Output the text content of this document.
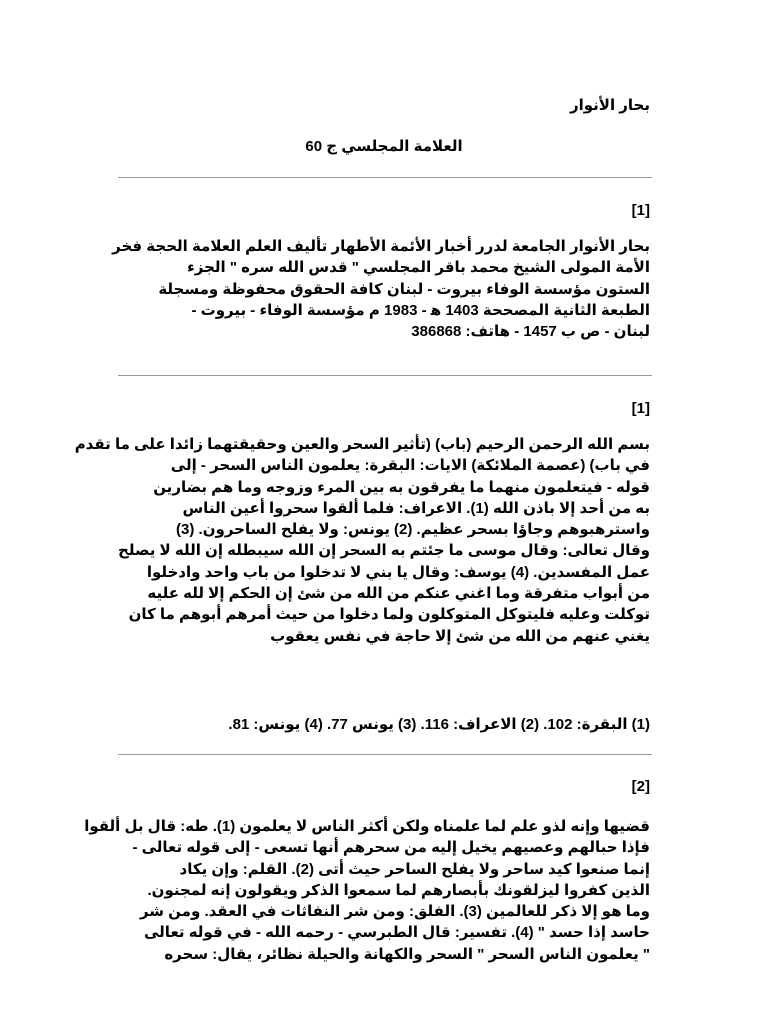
بحار الأنوار
العلامة المجلسي ج 60
[1]
بحار الأنوار الجامعة لدرر أخبار الأئمة الأطهار تأليف العلم العلامة الحجة فخر
الأمة المولى الشيخ محمد باقر المجلسي " قدس الله سره " الجزء
الستون مؤسسة الوفاء بيروت - لبنان كافة الحقوق محفوظة ومسجلة
الطبعة الثانية المصححة 1403 ه‍ - 1983 م مؤسسة الوفاء - بيروت -
لبنان - ص ب 1457 - هاتف: 386868
[1]
بسم الله الرحمن الرحيم (باب) (تأثير السحر والعين وحقيقتهما زائدا على ما تقدم
في باب) (عصمة الملائكة) الايات: البقرة: يعلمون الناس السحر - إلى
قوله - فيتعلمون منهما ما يفرقون به بين المرء وزوجه وما هم بضارين
به من أحد إلا باذن الله (1). الاعراف: فلما ألقوا سحروا أعين الناس
واسترهبوهم وجاؤا بسحر عظيم. (2) يونس: ولا يفلح الساحرون. (3)
وقال تعالى: وقال موسى ما جئتم به السحر إن الله سيبطله إن الله لا يصلح
عمل المفسدين. (4) يوسف: وقال يا بني لا تدخلوا من باب واحد وادخلوا
من أبواب متفرقة وما اغني عنكم من الله من شئ إن الحكم إلا لله عليه
توكلت وعليه فليتوكل المتوكلون ولما دخلوا من حيث أمرهم أبوهم ما كان
يغني عنهم من الله من شئ إلا حاجة في نفس يعقوب
(1) البقرة: 102. (2) الاعراف: 116. (3) يونس 77. (4) يونس: 81.
[2]
قضيها وإنه لذو علم لما علمناه ولكن أكثر الناس لا يعلمون (1). طه: قال بل ألقوا
فإذا حبالهم وعصيهم يخيل إليه من سحرهم أنها تسعى - إلى قوله تعالى -
إنما صنعوا كيد ساحر ولا يفلح الساحر حيث أتى (2). القلم: وإن يكاد
الذين كفروا ليزلقونك بأبصارهم لما سمعوا الذكر ويقولون إنه لمجنون.
وما هو إلا ذكر للعالمين (3). الفلق: ومن شر النفاثات في العقد. ومن شر
حاسد إذا حسد " (4). تفسير: قال الطبرسي - رحمه الله - في قوله تعالى
" يعلمون الناس السحر " السحر والكهانة والحيلة نظائر، يقال: سحره
